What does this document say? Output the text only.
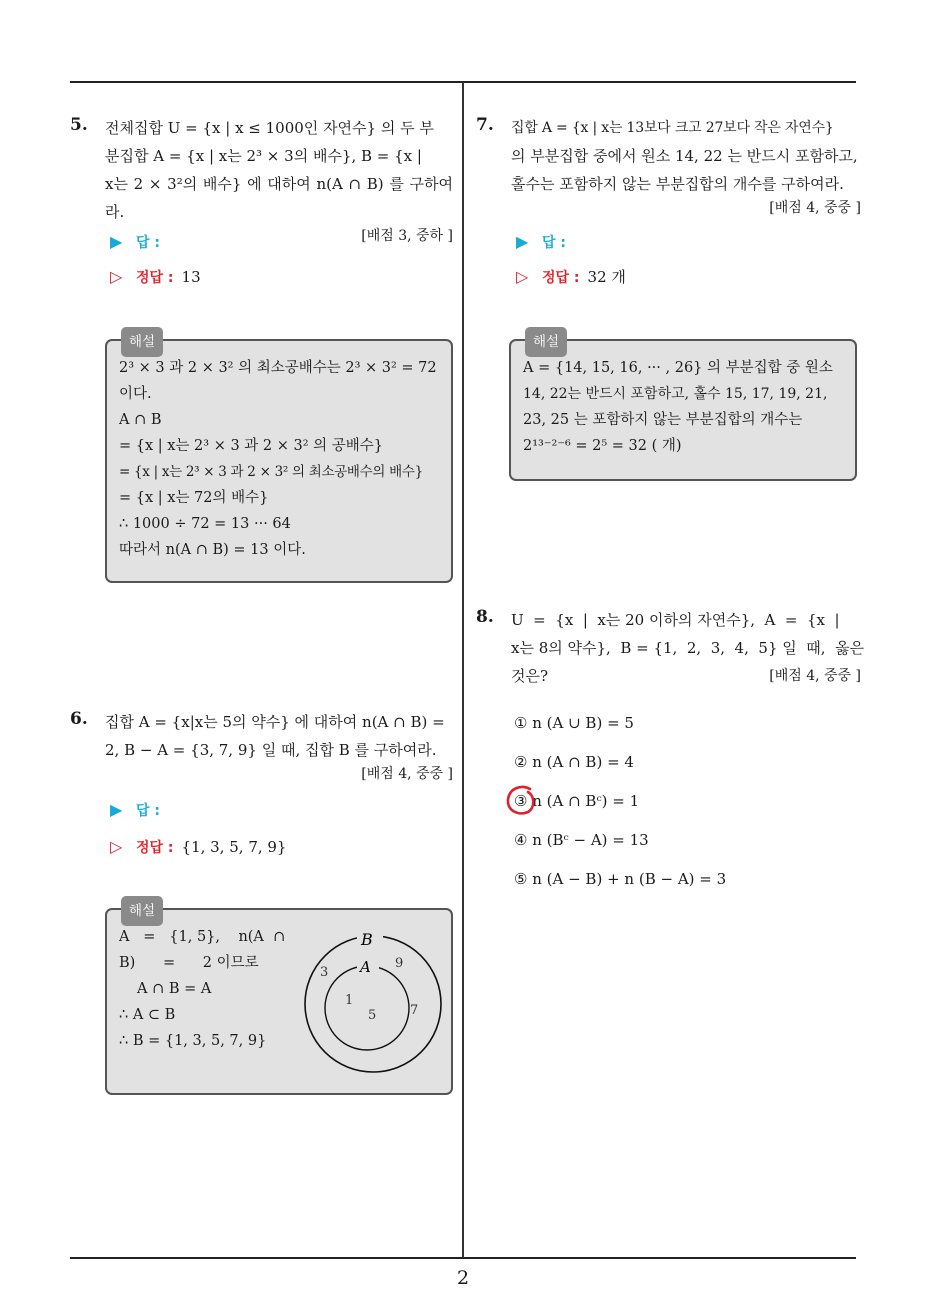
5. 전체집합 U = {x | x ≤ 1000인 자연수} 의 두 부
분집합 A = {x | x는 2³ × 3의 배수}, B = {x |
x는 2 × 3²의 배수} 에 대하여 n(A ∩ B) 를 구하여라.
[배점 3, 중하 ]
▶ 답 :
▷ 정답 : 13
해설
2³ × 3 과 2 × 3² 의 최소공배수는 2³ × 3² = 72
이다.
A ∩ B
= {x | x는 2³ × 3 과 2 × 3² 의 공배수}
= {x | x는 2³ × 3 과 2 × 3² 의 최소공배수의 배수}
= {x | x는 72의 배수}
∴ 1000 ÷ 72 = 13 ··· 64
따라서 n(A ∩ B) = 13 이다.
6. 집합 A = {x|x는 5의 약수} 에 대하여 n(A ∩ B) =
2, B − A = {3, 7, 9} 일 때, 집합 B 를 구하여라.
[배점 4, 중중 ]
▶ 답 :
▷ 정답 : {1, 3, 5, 7, 9}
해설
A   =   {1, 5},    n(A  ∩
B)      =      2 이므로
A ∩ B = A
∴ A ⊂ B
∴ B = {1, 3, 5, 7, 9}
B
A
3
9
7
1
5
7. 집합 A = {x | x는 13보다 크고 27보다 작은 자연수}
의 부분집합 중에서 원소 14, 22 는 반드시 포함하고,
홀수는 포함하지 않는 부분집합의 개수를 구하여라.
[배점 4, 중중 ]
▶ 답 :
▷ 정답 : 32 개
해설
A = {14, 15, 16, ··· , 26} 의 부분집합 중 원소
14, 22는 반드시 포함하고, 홀수 15, 17, 19, 21,
23, 25 는 포함하지 않는 부분집합의 개수는
2¹³⁻²⁻⁶ = 2⁵ = 32 ( 개)
8. U  =  {x  |  x는 20 이하의 자연수},  A  =  {x  |
x는 8의 약수},  B = {1,  2,  3,  4,  5} 일  때,  옳은
것은?	[배점 4, 중중 ]
① n (A ∪ B) = 5
② n (A ∩ B) = 4
③ n (A ∩ Bᶜ) = 1
④ n (Bᶜ − A) = 13
⑤ n (A − B) + n (B − A) = 3
2
